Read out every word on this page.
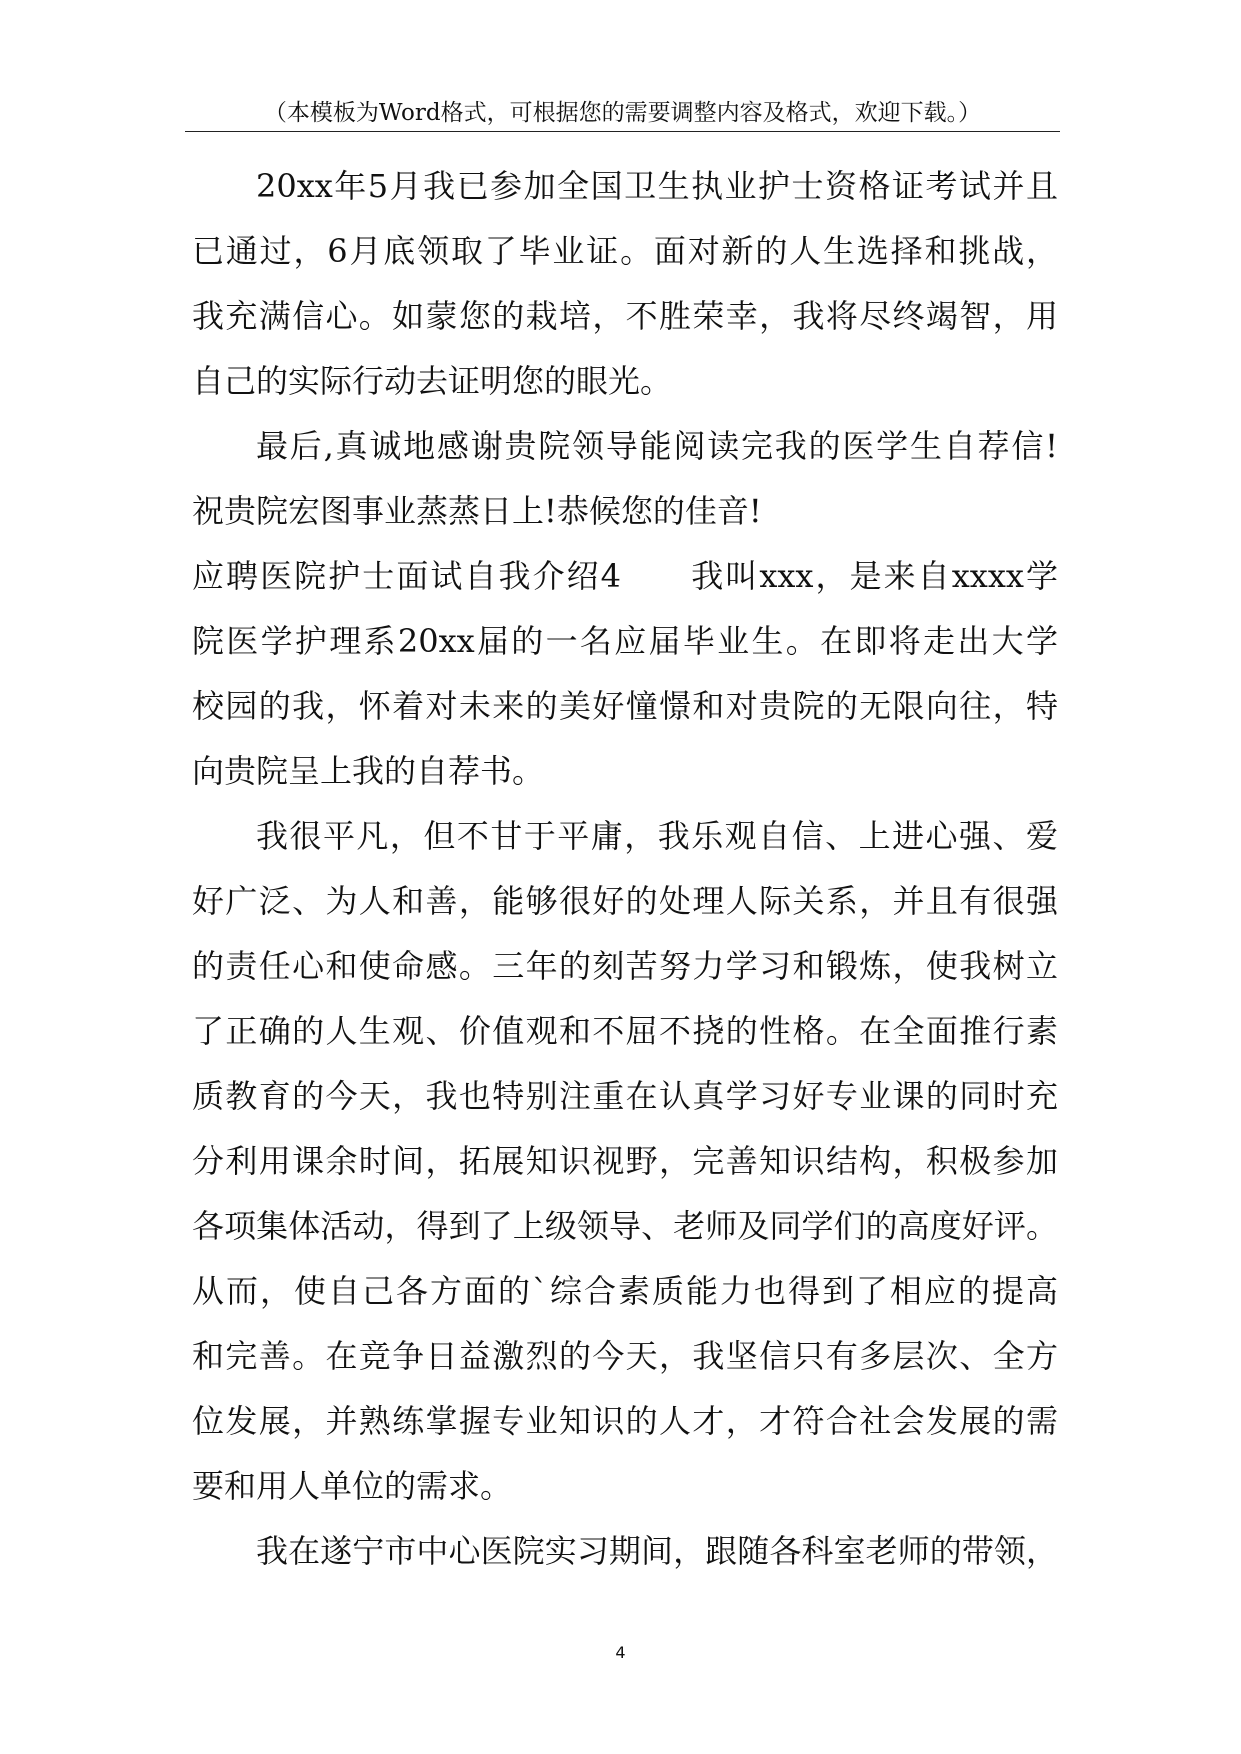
（本模板为Word格式，可根据您的需要调整内容及格式，欢迎下载。）
20xx年5月我已参加全国卫生执业护士资格证考试并且
已通过，6月底领取了毕业证。面对新的人生选择和挑战，
我充满信心。如蒙您的栽培，不胜荣幸，我将尽终竭智，用
自己的实际行动去证明您的眼光。
最后,真诚地感谢贵院领导能阅读完我的医学生自荐信!
祝贵院宏图事业蒸蒸日上!恭候您的佳音!
应聘医院护士面试自我介绍4　　我叫xxx，是来自xxxx学
院医学护理系20xx届的一名应届毕业生。在即将走出大学
校园的我，怀着对未来的美好憧憬和对贵院的无限向往，特
向贵院呈上我的自荐书。
我很平凡，但不甘于平庸，我乐观自信、上进心强、爱
好广泛、为人和善，能够很好的处理人际关系，并且有很强
的责任心和使命感。三年的刻苦努力学习和锻炼，使我树立
了正确的人生观、价值观和不屈不挠的性格。在全面推行素
质教育的今天，我也特别注重在认真学习好专业课的同时充
分利用课余时间，拓展知识视野，完善知识结构，积极参加
各项集体活动，得到了上级领导、老师及同学们的高度好评。
从而，使自己各方面的`综合素质能力也得到了相应的提高
和完善。在竞争日益激烈的今天，我坚信只有多层次、全方
位发展，并熟练掌握专业知识的人才，才符合社会发展的需
要和用人单位的需求。
我在遂宁市中心医院实习期间，跟随各科室老师的带领，
4
